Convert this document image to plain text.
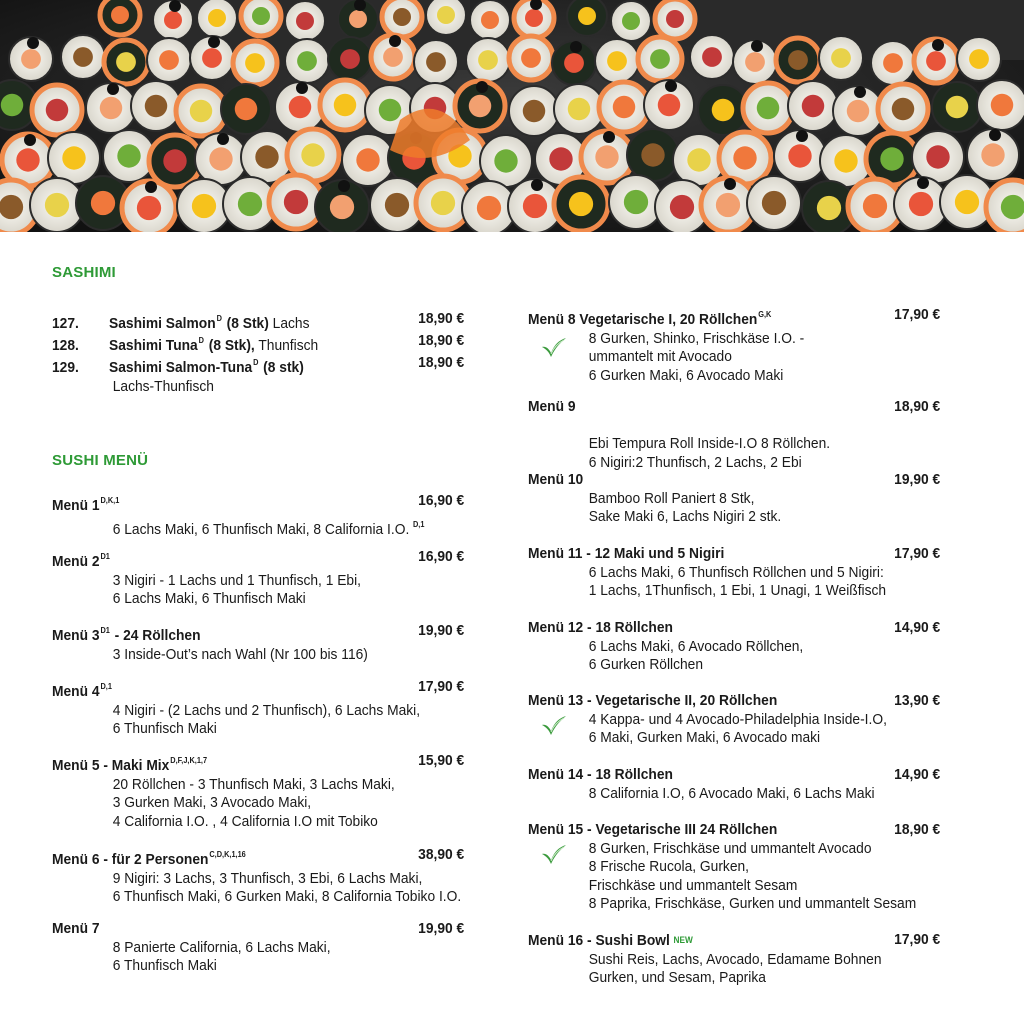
SASHIMI
127. Sashimi Salmon$^D$ (8 Stk) Lachs	18,90 €
128. Sashimi Tuna$^D$ (8 Stk), Thunfisch	18,90 €
129. Sashimi Salmon-Tuna$^D$ (8 stk)	18,90 €
Lachs-Thunfisch
SUSHI MENÜ
Menü $1^{D,K,1}$	16,90 €
6 Lachs Maki, 6 Thunfisch Maki, 8 California I.O. $^{D,1}$
Menü $2^{D1}$	16,90 €
3 Nigiri - 1 Lachs und 1 Thunfisch, 1 Ebi,
6 Lachs Maki, 6 Thunfisch Maki
Menü $3^{D1} - 24$ Röllchen	19,90 €
3 Inside-Out’s nach Wahl (Nr 100 bis 116)
Menü $4^{D,1}$	17,90 €
4 Nigiri - (2 Lachs und 2 Thunfisch), 6 Lachs Maki,
6 Thunfisch Maki
Menü 5 - Maki Mix$^{D,F,J,K,1,7}$	15,90 €
20 Röllchen - 3 Thunfisch Maki, 3 Lachs Maki,
3 Gurken Maki, 3 Avocado Maki,
4 California I.O. , 4 California I.O mit Tobiko
Menü 6 - für 2 Personen$^{C,D,K,1,16}$	38,90 €
9 Nigiri: 3 Lachs, 3 Thunfisch, 3 Ebi, 6 Lachs Maki,
6 Thunfisch Maki, 6 Gurken Maki, 8 California Tobiko I.O.
Menü 7	19,90 €
8 Panierte California, 6 Lachs Maki,
6 Thunfisch Maki
Menü 8 Vegetarische I, 20 Röllchen$^{G,K}$	17,90 €
8 Gurken, Shinko, Frischkäse I.O. -
ummantelt mit Avocado
6 Gurken Maki, 6 Avocado Maki
Menü 9	18,90 €
Ebi Tempura Roll Inside-I.O 8 Röllchen.
6 Nigiri:2 Thunfisch, 2 Lachs, 2 Ebi
Menü 10	19,90 €
Bamboo Roll Paniert 8 Stk,
Sake Maki 6, Lachs Nigiri 2 stk.
Menü 11 - 12 Maki und 5 Nigiri	17,90 €
6 Lachs Maki, 6 Thunfisch Röllchen und 5 Nigiri:
1 Lachs, 1Thunfisch, 1 Ebi, 1 Unagi, 1 Weißfisch
Menü 12 - 18 Röllchen	14,90 €
6 Lachs Maki, 6 Avocado Röllchen,
6 Gurken Röllchen
Menü 13 - Vegetarische II, 20 Röllchen	13,90 €
4 Kappa- und 4 Avocado-Philadelphia Inside-I.O,
6 Maki, Gurken Maki, 6 Avocado maki
Menü 14 - 18 Röllchen	14,90 €
8 California I.O, 6 Avocado Maki, 6 Lachs Maki
Menü 15 - Vegetarische III 24 Röllchen	18,90 €
8 Gurken, Frischkäse und ummantelt Avocado
8 Frische Rucola, Gurken,
Frischkäse und ummantelt Sesam
8 Paprika, Frischkäse, Gurken und ummantelt Sesam
Menü 16 - Sushi Bowl NEW	17,90 €
Sushi Reis, Lachs, Avocado, Edamame Bohnen
Gurken, und Sesam, Paprika
